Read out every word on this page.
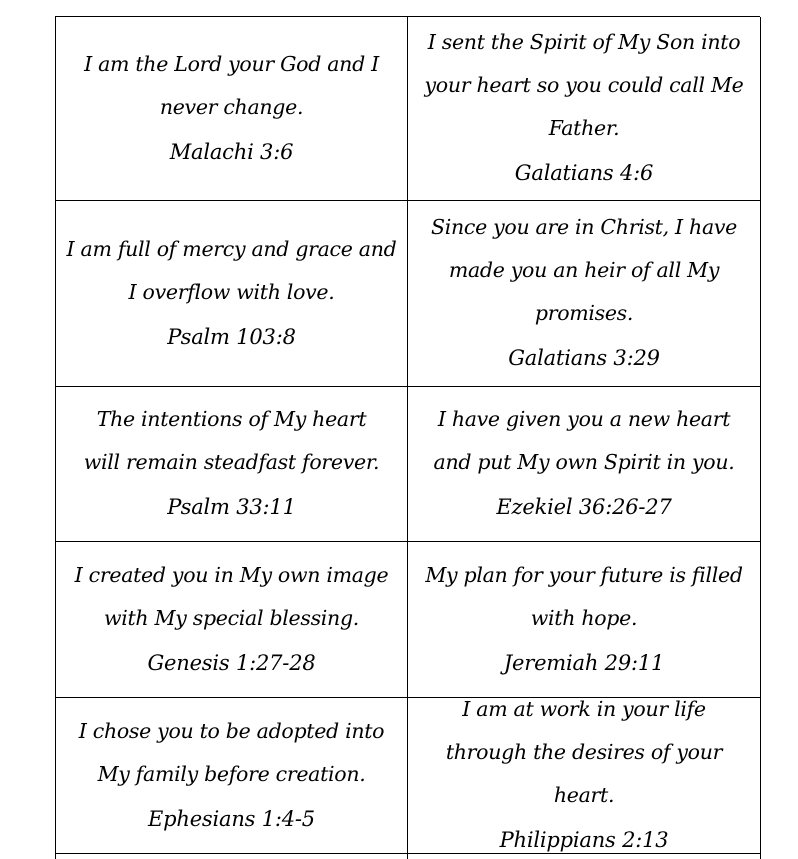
I am the Lord your God and I never change.
Malachi 3:6
I sent the Spirit of My Son into your heart so you could call Me Father.
Galatians 4:6
I am full of mercy and grace and I overflow with love.
Psalm 103:8
Since you are in Christ, I have made you an heir of all My promises.
Galatians 3:29
The intentions of My heart will remain steadfast forever.
Psalm 33:11
I have given you a new heart and put My own Spirit in you.
Ezekiel 36:26-27
I created you in My own image with My special blessing.
Genesis 1:27-28
My plan for your future is filled with hope.
Jeremiah 29:11
I chose you to be adopted into My family before creation.
Ephesians 1:4-5
I am at work in your life through the desires of your heart.
Philippians 2:13
